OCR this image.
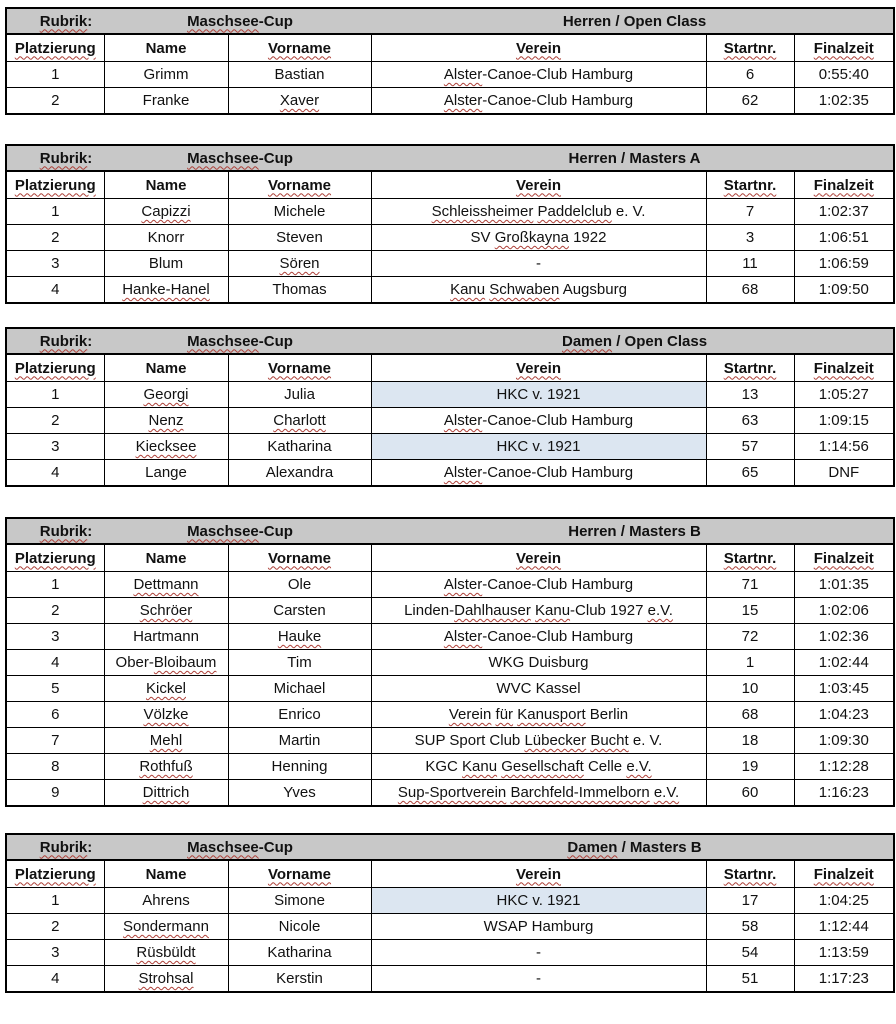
Rubrik: Maschsee-Cup Herren / Open Class					

Platzierung	Name	Vorname	Verein	Startnr.	Finalzeit
1	Grimm	Bastian	Alster-Canoe-Club Hamburg	6	0:55:40
2	Franke	Xaver	Alster-Canoe-Club Hamburg	62	1:02:35
Rubrik: Maschsee-Cup Herren / Masters A					

Platzierung	Name	Vorname	Verein	Startnr.	Finalzeit
1	Capizzi	Michele	Schleissheimer Paddelclub e. V.	7	1:02:37
2	Knorr	Steven	SV Großkayna 1922	3	1:06:51
3	Blum	Sören	-	11	1:06:59
4	Hanke-Hanel	Thomas	Kanu Schwaben Augsburg	68	1:09:50
Rubrik: Maschsee-Cup Damen / Open Class					

Platzierung	Name	Vorname	Verein	Startnr.	Finalzeit
1	Georgi	Julia	HKC v. 1921	13	1:05:27
2	Nenz	Charlott	Alster-Canoe-Club Hamburg	63	1:09:15
3	Kiecksee	Katharina	HKC v. 1921	57	1:14:56
4	Lange	Alexandra	Alster-Canoe-Club Hamburg	65	DNF
Rubrik: Maschsee-Cup Herren / Masters B					

Platzierung	Name	Vorname	Verein	Startnr.	Finalzeit
1	Dettmann	Ole	Alster-Canoe-Club Hamburg	71	1:01:35
2	Schröer	Carsten	Linden-Dahlhauser Kanu-Club 1927 e.V.	15	1:02:06
3	Hartmann	Hauke	Alster-Canoe-Club Hamburg	72	1:02:36
4	Ober-Bloibaum	Tim	WKG Duisburg	1	1:02:44
5	Kickel	Michael	WVC Kassel	10	1:03:45
6	Völzke	Enrico	Verein für Kanusport Berlin	68	1:04:23
7	Mehl	Martin	SUP Sport Club Lübecker Bucht e. V.	18	1:09:30
8	Rothfuß	Henning	KGC Kanu Gesellschaft Celle e.V.	19	1:12:28
9	Dittrich	Yves	Sup-Sportverein Barchfeld-Immelborn e.V.	60	1:16:23
Rubrik: Maschsee-Cup Damen / Masters B					

Platzierung	Name	Vorname	Verein	Startnr.	Finalzeit
1	Ahrens	Simone	HKC v. 1921	17	1:04:25
2	Sondermann	Nicole	WSAP Hamburg	58	1:12:44
3	Rüsbüldt	Katharina	-	54	1:13:59
4	Strohsal	Kerstin	-	51	1:17:23
